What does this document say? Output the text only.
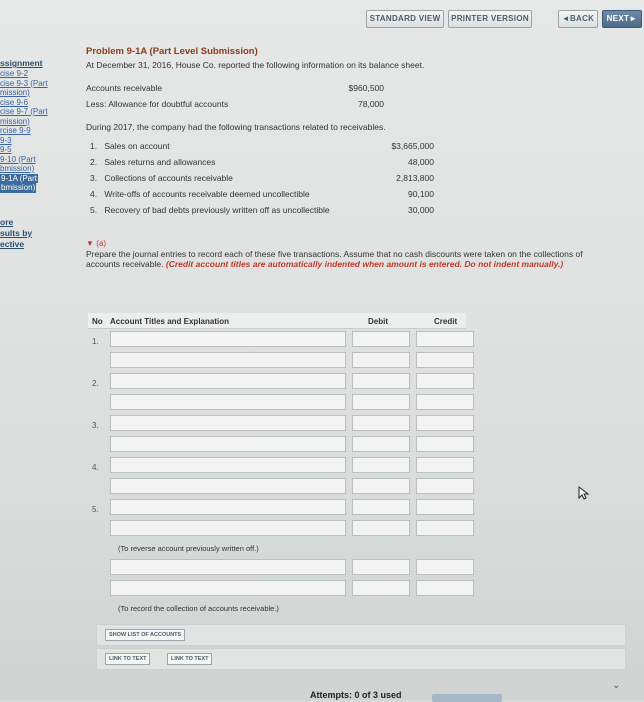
STANDARD VIEW	PRINTER VERSION	◄BACK	NEXT►
ssignment
cise 9-2
cise 9-3 (Part
mission)
cise 9-6
cise 9-7 (Part
mission)
rcise 9-9
9-3
9-5
9-10 (Part
bmission)
9-1A (Part
bmission)
ore
sults by
ective

Problem 9-1A (Part Level Submission)

At December 31, 2016, House Co. reported the following information on its balance sheet.

Accounts receivable	$960,500
Less: Allowance for doubtful accounts	78,000

During 2017, the company had the following transactions related to receivables.

1. Sales on account	$3,665,000
2. Sales returns and allowances	48,000
3. Collections of accounts receivable	2,813,800
4. Write-offs of accounts receivable deemed uncollectible	90,100
5. Recovery of bad debts previously written off as uncollectible	30,000
▼ (a)

Prepare the journal entries to record each of these five transactions. Assume that no cash discounts were taken on the collections of accounts receivable. (Credit account titles are automatically indented when amount is entered. Do not indent manually.)

No Account Titles and Explanation	Debit	Credit
1.
2.
3.
4.
5.
(To reverse account previously written off.)
(To record the collection of accounts receivable.)
SHOW LIST OF ACCOUNTS
LINK TO TEXT	LINK TO TEXT
Attempts: 0 of 3 used
⌄
